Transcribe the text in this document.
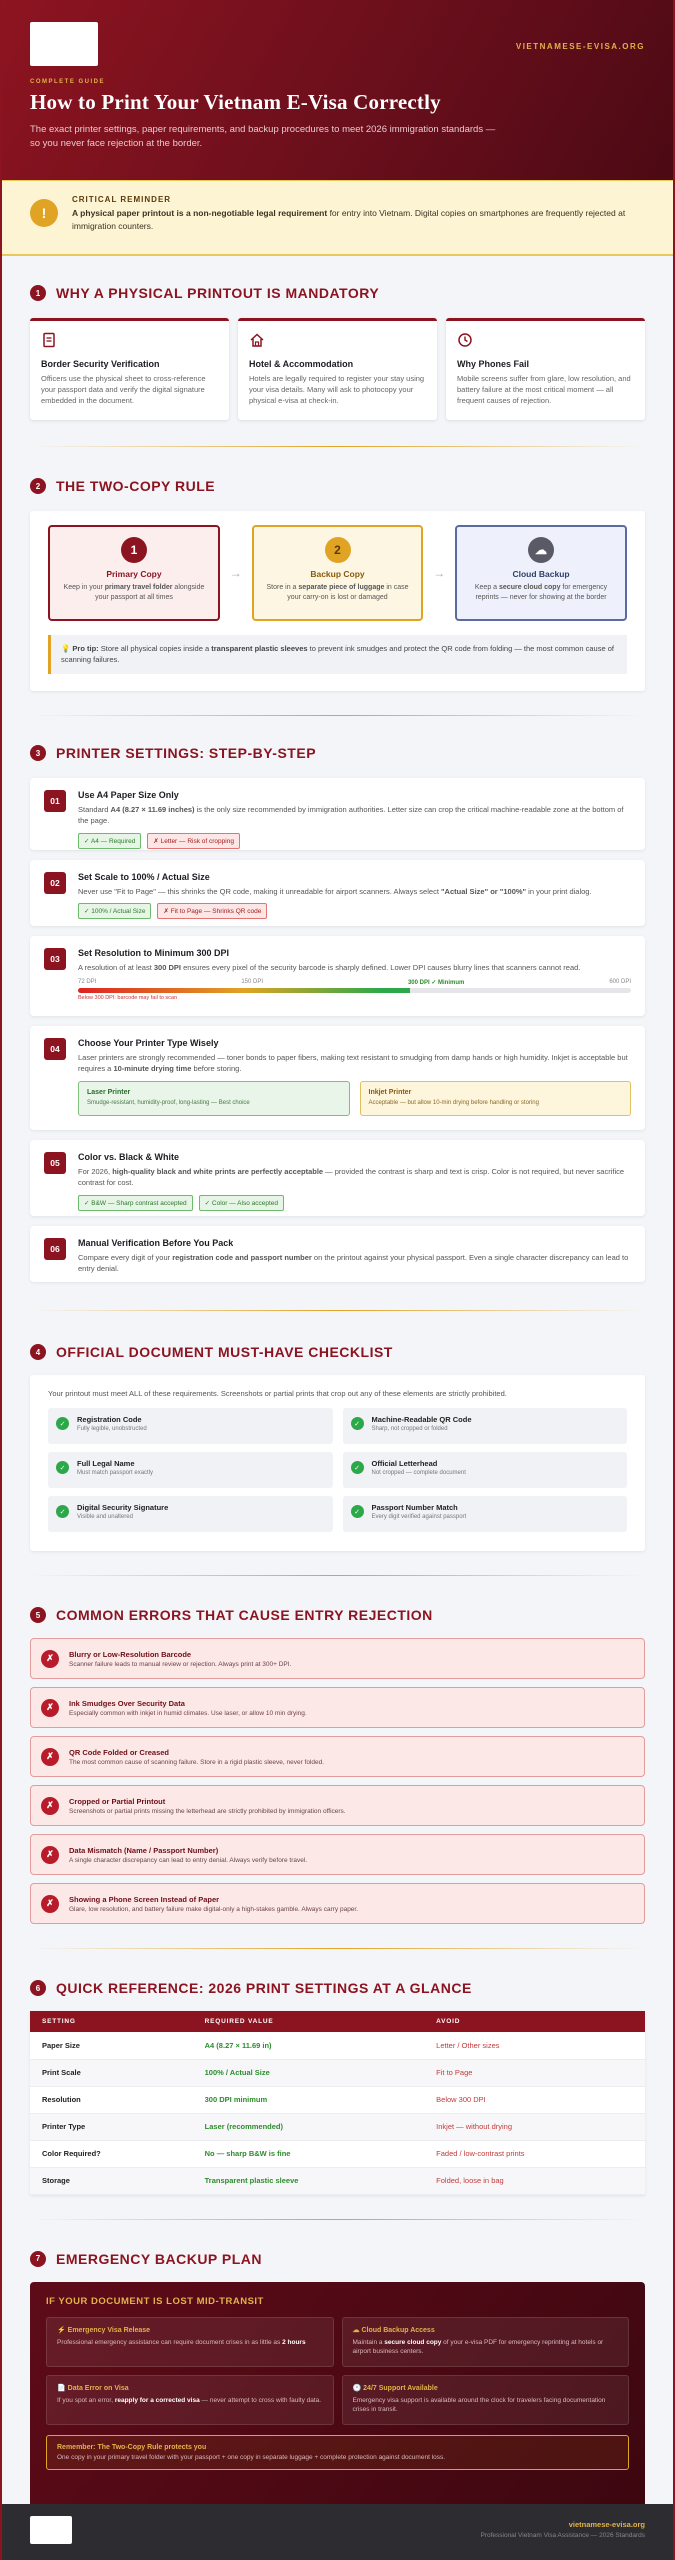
VIETNAMESE-EVISA.ORG
COMPLETE GUIDE
How to Print Your Vietnam E-Visa Correctly

The exact printer settings, paper requirements, and backup procedures to meet 2026 immigration standards — so you never face rejection at the border.

!
CRITICAL REMINDER
A physical paper printout is a non-negotiable legal requirement for entry into Vietnam. Digital copies on smartphones are frequently rejected at immigration counters.
1	WHY A PHYSICAL PRINTOUT IS MANDATORY
Border Security Verification

Officers use the physical sheet to cross-reference your passport data and verify the digital signature embedded in the document.

Hotel & Accommodation

Hotels are legally required to register your stay using your visa details. Many will ask to photocopy your physical e-visa at check-in.

Why Phones Fail

Mobile screens suffer from glare, low resolution, and battery failure at the most critical moment — all frequent causes of rejection.

2	THE TWO-COPY RULE
1
Primary Copy

Keep in your primary travel folder alongside your passport at all times

→
2
Backup Copy

Store in a separate piece of luggage in case your carry-on is lost or damaged

→
☁
Cloud Backup

Keep a secure cloud copy for emergency reprints — never for showing at the border

💡 Pro tip: Store all physical copies inside a transparent plastic sleeves to prevent ink smudges and protect the QR code from folding — the most common cause of scanning failures.
3	PRINTER SETTINGS: STEP-BY-STEP
01
Use A4 Paper Size Only

Standard A4 (8.27 × 11.69 inches) is the only size recommended by immigration authorities. Letter size can crop the critical machine-readable zone at the bottom of the page.

✓ A4 — Required	✗ Letter — Risk of cropping
02
Set Scale to 100% / Actual Size

Never use "Fit to Page" — this shrinks the QR code, making it unreadable for airport scanners. Always select "Actual Size" or "100%" in your print dialog.

✓ 100% / Actual Size	✗ Fit to Page — Shrinks QR code
03
Set Resolution to Minimum 300 DPI

A resolution of at least 300 DPI ensures every pixel of the security barcode is sharply defined. Lower DPI causes blurry lines that scanners cannot read.

72 DPI	150 DPI	300 DPI ✓ Minimum	600 DPI
Below 300 DPI: barcode may fail to scan
04
Choose Your Printer Type Wisely

Laser printers are strongly recommended — toner bonds to paper fibers, making text resistant to smudging from damp hands or high humidity. Inkjet is acceptable but requires a 10-minute drying time before storing.

Laser Printer

Smudge-resistant, humidity-proof, long-lasting — Best choice

Inkjet Printer

Acceptable — but allow 10-min drying before handling or storing

05
Color vs. Black & White

For 2026, high-quality black and white prints are perfectly acceptable — provided the contrast is sharp and text is crisp. Color is not required, but never sacrifice contrast for cost.

✓ B&W — Sharp contrast accepted	✓ Color — Also accepted
06
Manual Verification Before You Pack

Compare every digit of your registration code and passport number on the printout against your physical passport. Even a single character discrepancy can lead to entry denial.

4	OFFICIAL DOCUMENT MUST-HAVE CHECKLIST
Your printout must meet ALL of these requirements. Screenshots or partial prints that crop out any of these elements are strictly prohibited.
✓	Registration Code

Fully legible, unobstructed

✓	Machine-Readable QR Code

Sharp, not cropped or folded

✓	Full Legal Name

Must match passport exactly

✓	Official Letterhead

Not cropped — complete document

✓	Digital Security Signature

Visible and unaltered

✓	Passport Number Match

Every digit verified against passport

5	COMMON ERRORS THAT CAUSE ENTRY REJECTION
✗	Blurry or Low-Resolution Barcode

Scanner failure leads to manual review or rejection. Always print at 300+ DPI.

✗	Ink Smudges Over Security Data

Especially common with inkjet in humid climates. Use laser, or allow 10 min drying.

✗	QR Code Folded or Creased

The most common cause of scanning failure. Store in a rigid plastic sleeve, never folded.

✗	Cropped or Partial Printout

Screenshots or partial prints missing the letterhead are strictly prohibited by immigration officers.

✗	Data Mismatch (Name / Passport Number)

A single character discrepancy can lead to entry denial. Always verify before travel.

✗	Showing a Phone Screen Instead of Paper

Glare, low resolution, and battery failure make digital-only a high-stakes gamble. Always carry paper.

6	QUICK REFERENCE: 2026 PRINT SETTINGS AT A GLANCE
SETTING	REQUIRED VALUE	AVOID
Paper Size	A4 (8.27 × 11.69 in)	Letter / Other sizes
Print Scale	100% / Actual Size	Fit to Page
Resolution	300 DPI minimum	Below 300 DPI
Printer Type	Laser (recommended)	Inkjet — without drying
Color Required?	No — sharp B&W is fine	Faded / low-contrast prints
Storage	Transparent plastic sleeve	Folded, loose in bag
7	EMERGENCY BACKUP PLAN
IF YOUR DOCUMENT IS LOST MID-TRANSIT
⚡ Emergency Visa Release

Professional emergency assistance can require document crises in as little as 2 hours

☁ Cloud Backup Access

Maintain a secure cloud copy of your e-visa PDF for emergency reprinting at hotels or airport business centers.

📄 Data Error on Visa

If you spot an error, reapply for a corrected visa — never attempt to cross with faulty data.

🕐 24/7 Support Available

Emergency visa support is available around the clock for travelers facing documentation crises in transit.

Remember: The Two-Copy Rule protects you

One copy in your primary travel folder with your passport + one copy in separate luggage + complete protection against document loss.

vietnamese-evisa.org
Professional Vietnam Visa Assistance — 2026 Standards
